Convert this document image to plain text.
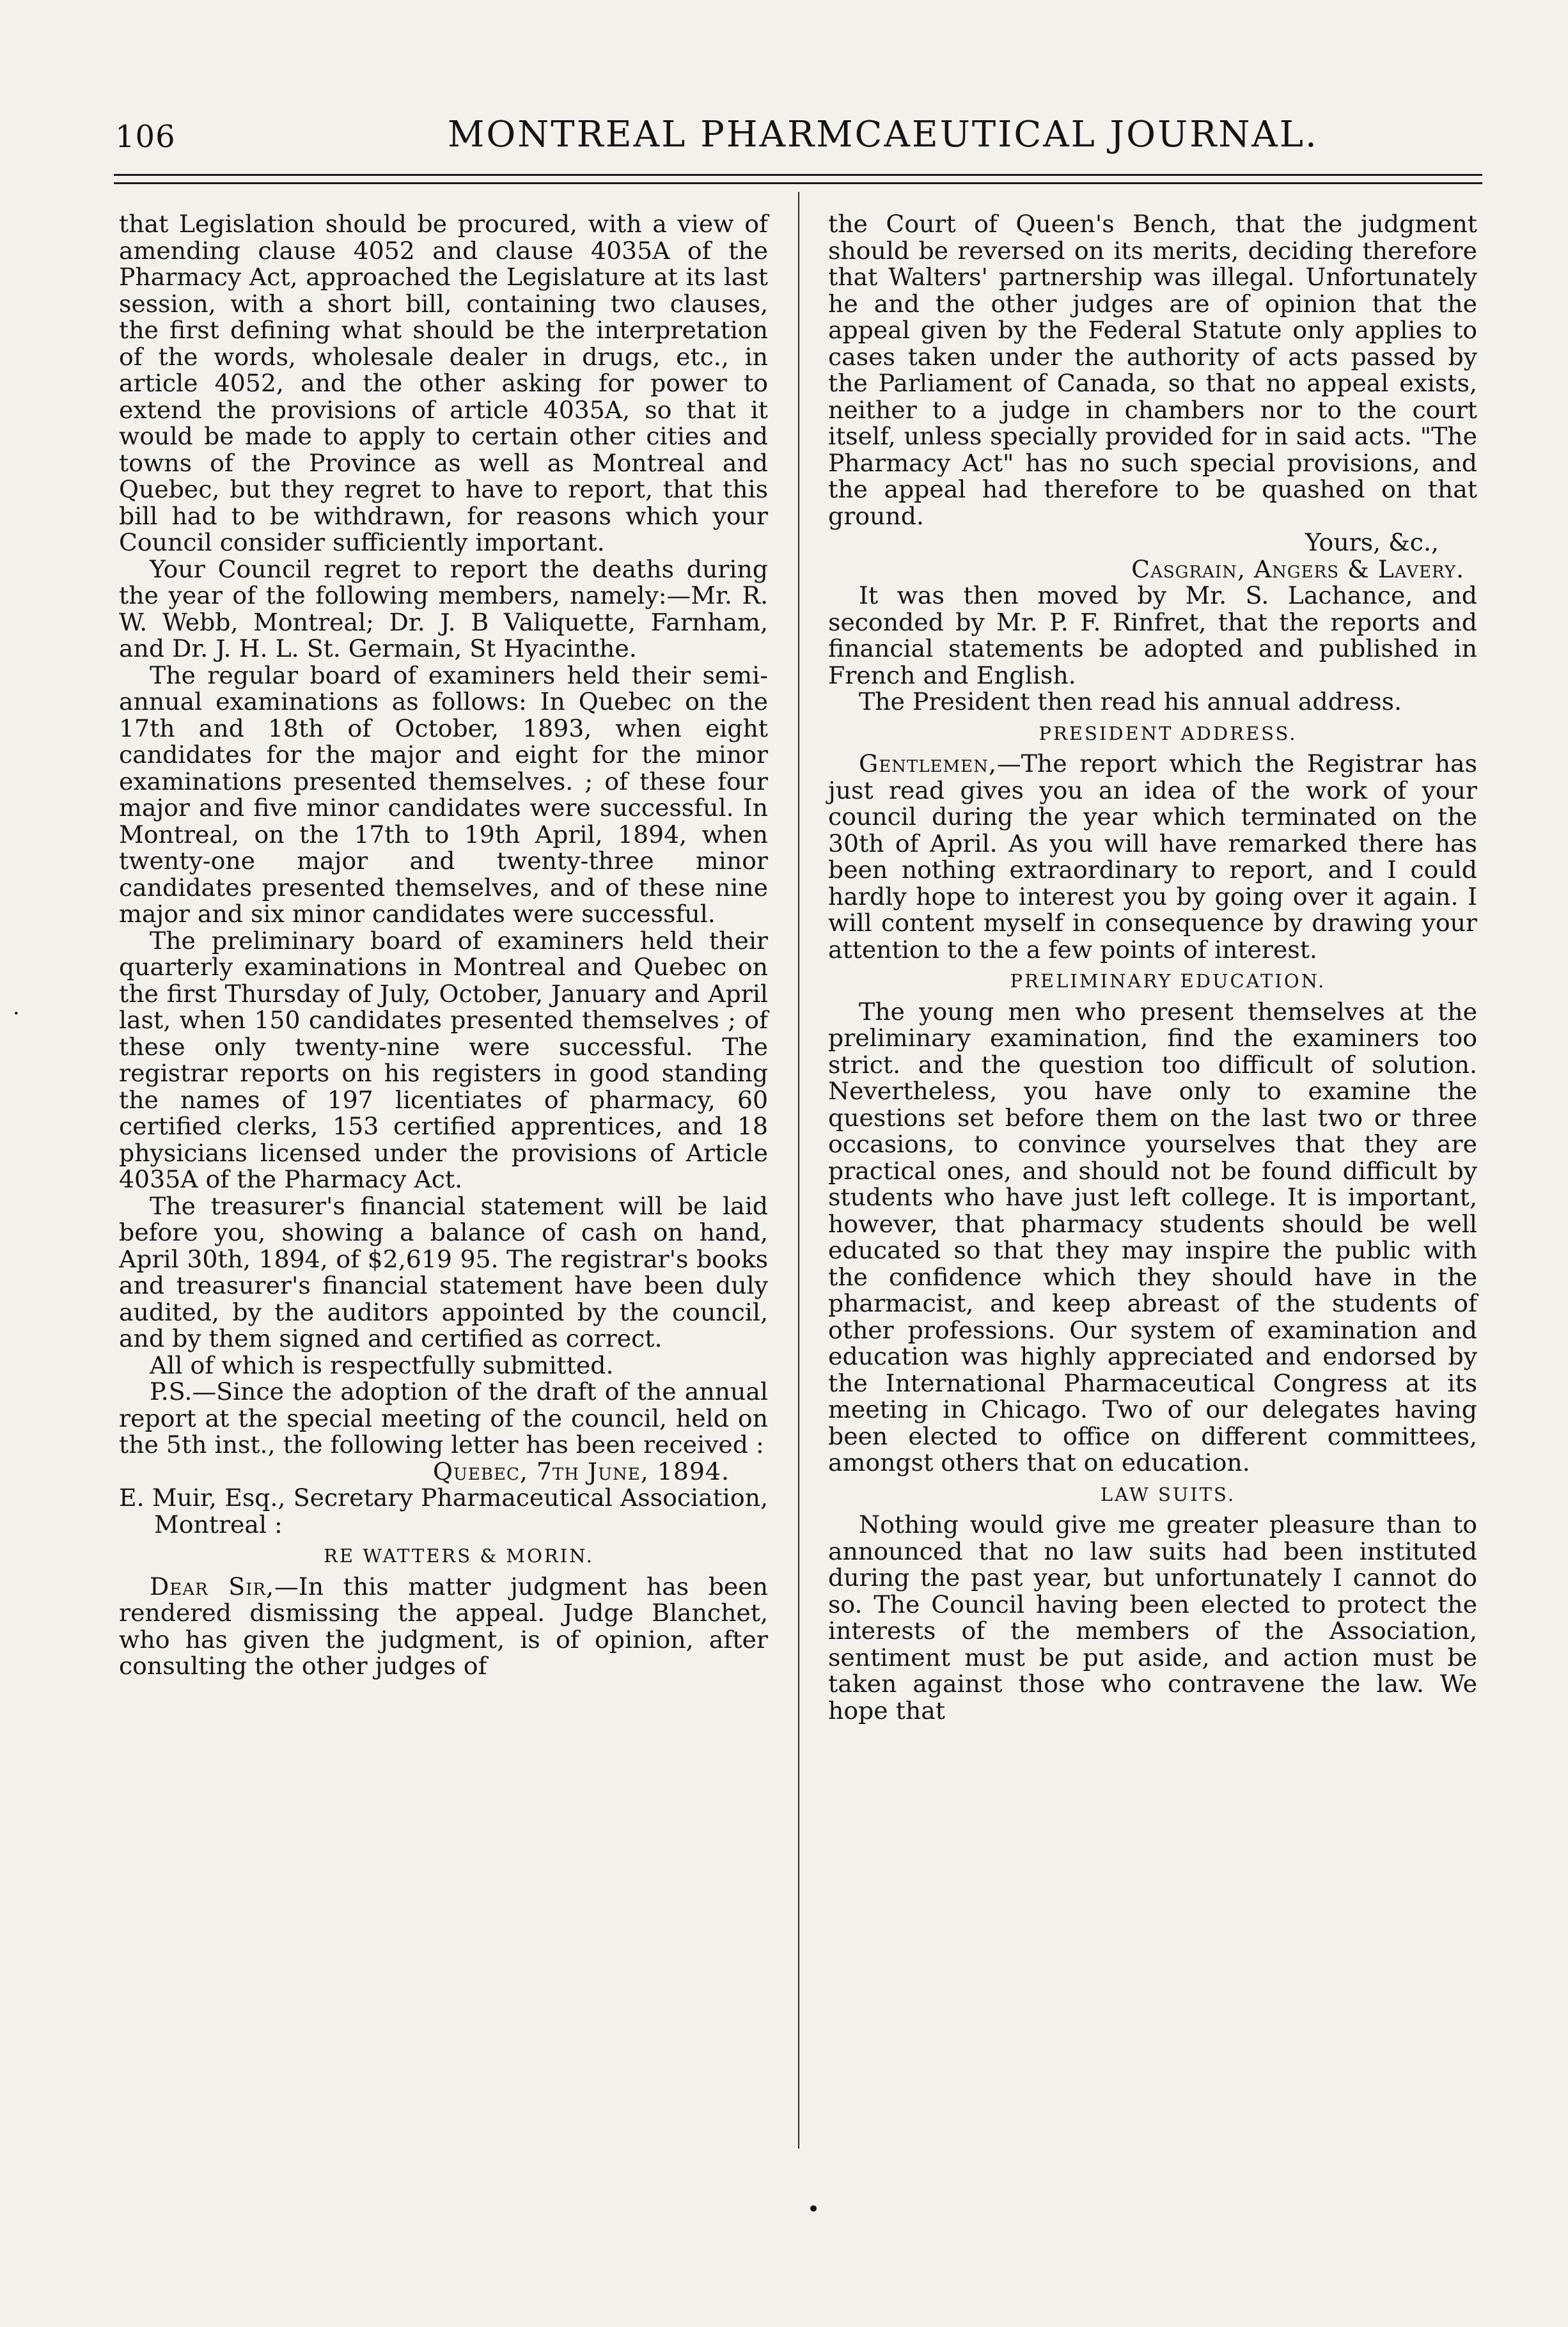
106	MONTREAL PHARMCAEUTICAL JOURNAL.

that Legislation should be procured, with a view of amending clause 4052 and clause 4035A of the Pharmacy Act, approached the Legislature at its last session, with a short bill, containing two clauses, the first defining what should be the interpretation of the words, wholesale dealer in drugs, etc., in article 4052, and the other asking for power to extend the provisions of article 4035A, so that it would be made to apply to certain other cities and towns of the Province as well as Montreal and Quebec, but they regret to have to report, that this bill had to be withdrawn, for reasons which your Council consider sufficiently important.

Your Council regret to report the deaths during the year of the following members, namely:—Mr. R. W. Webb, Montreal; Dr. J. B Valiquette, Farnham, and Dr. J. H. L. St. Germain, St Hyacinthe.

The regular board of examiners held their semi-annual examinations as follows: In Quebec on the 17th and 18th of October, 1893, when eight candidates for the major and eight for the minor examinations presented themselves. ; of these four major and five minor candidates were successful. In Montreal, on the 17th to 19th April, 1894, when twenty-one major and twenty-three minor candidates presented themselves, and of these nine major and six minor candidates were successful.

The preliminary board of examiners held their quarterly examinations in Montreal and Quebec on the first Thursday of July, October, January and April last, when 150 candidates presented themselves ; of these only twenty-nine were successful. The registrar reports on his registers in good standing the names of 197 licentiates of pharmacy, 60 certified clerks, 153 certified apprentices, and 18 physicians licensed under the provisions of Article 4035A of the Pharmacy Act.

The treasurer's financial statement will be laid before you, showing a balance of cash on hand, April 30th, 1894, of $2,619 95. The registrar's books and treasurer's financial statement have been duly audited, by the auditors appointed by the council, and by them signed and certified as correct.

All of which is respectfully submitted.

P.S.—Since the adoption of the draft of the annual report at the special meeting of the council, held on the 5th inst., the following letter has been received :

Quebec, 7th June, 1894.

E. Muir, Esq., Secretary Pharmaceutical Association, Montreal :

RE WATTERS & MORIN.

Dear Sir,—In this matter judgment has been rendered dismissing the appeal. Judge Blanchet, who has given the judgment, is of opinion, after consulting the other judges of

the Court of Queen's Bench, that the judgment should be reversed on its merits, deciding therefore that Walters' partnership was illegal. Unfortunately he and the other judges are of opinion that the appeal given by the Federal Statute only applies to cases taken under the authority of acts passed by the Parliament of Canada, so that no appeal exists, neither to a judge in chambers nor to the court itself, unless specially provided for in said acts. "The Pharmacy Act" has no such special provisions, and the appeal had therefore to be quashed on that ground.

Yours, &c.,

Casgrain, Angers & Lavery.

It was then moved by Mr. S. Lachance, and seconded by Mr. P. F. Rinfret, that the reports and financial statements be adopted and published in French and English.

The President then read his annual address.

PRESIDENT ADDRESS.

Gentlemen,—The report which the Registrar has just read gives you an idea of the work of your council during the year which terminated on the 30th of April. As you will have remarked there has been nothing extraordinary to report, and I could hardly hope to interest you by going over it again. I will content myself in consequence by drawing your attention to the a few points of interest.

PRELIMINARY EDUCATION.

The young men who present themselves at the preliminary examination, find the examiners too strict. and the question too difficult of solution. Nevertheless, you have only to examine the questions set before them on the last two or three occasions, to convince yourselves that they are practical ones, and should not be found difficult by students who have just left college. It is important, however, that pharmacy students should be well educated so that they may inspire the public with the confidence which they should have in the pharmacist, and keep abreast of the students of other professions. Our system of examination and education was highly appreciated and endorsed by the International Pharmaceutical Congress at its meeting in Chicago. Two of our delegates having been elected to office on different committees, amongst others that on education.

LAW SUITS.

Nothing would give me greater pleasure than to announced that no law suits had been instituted during the past year, but unfortunately I cannot do so. The Council having been elected to protect the interests of the members of the Association, sentiment must be put aside, and action must be taken against those who contravene the law. We hope that

·
•
